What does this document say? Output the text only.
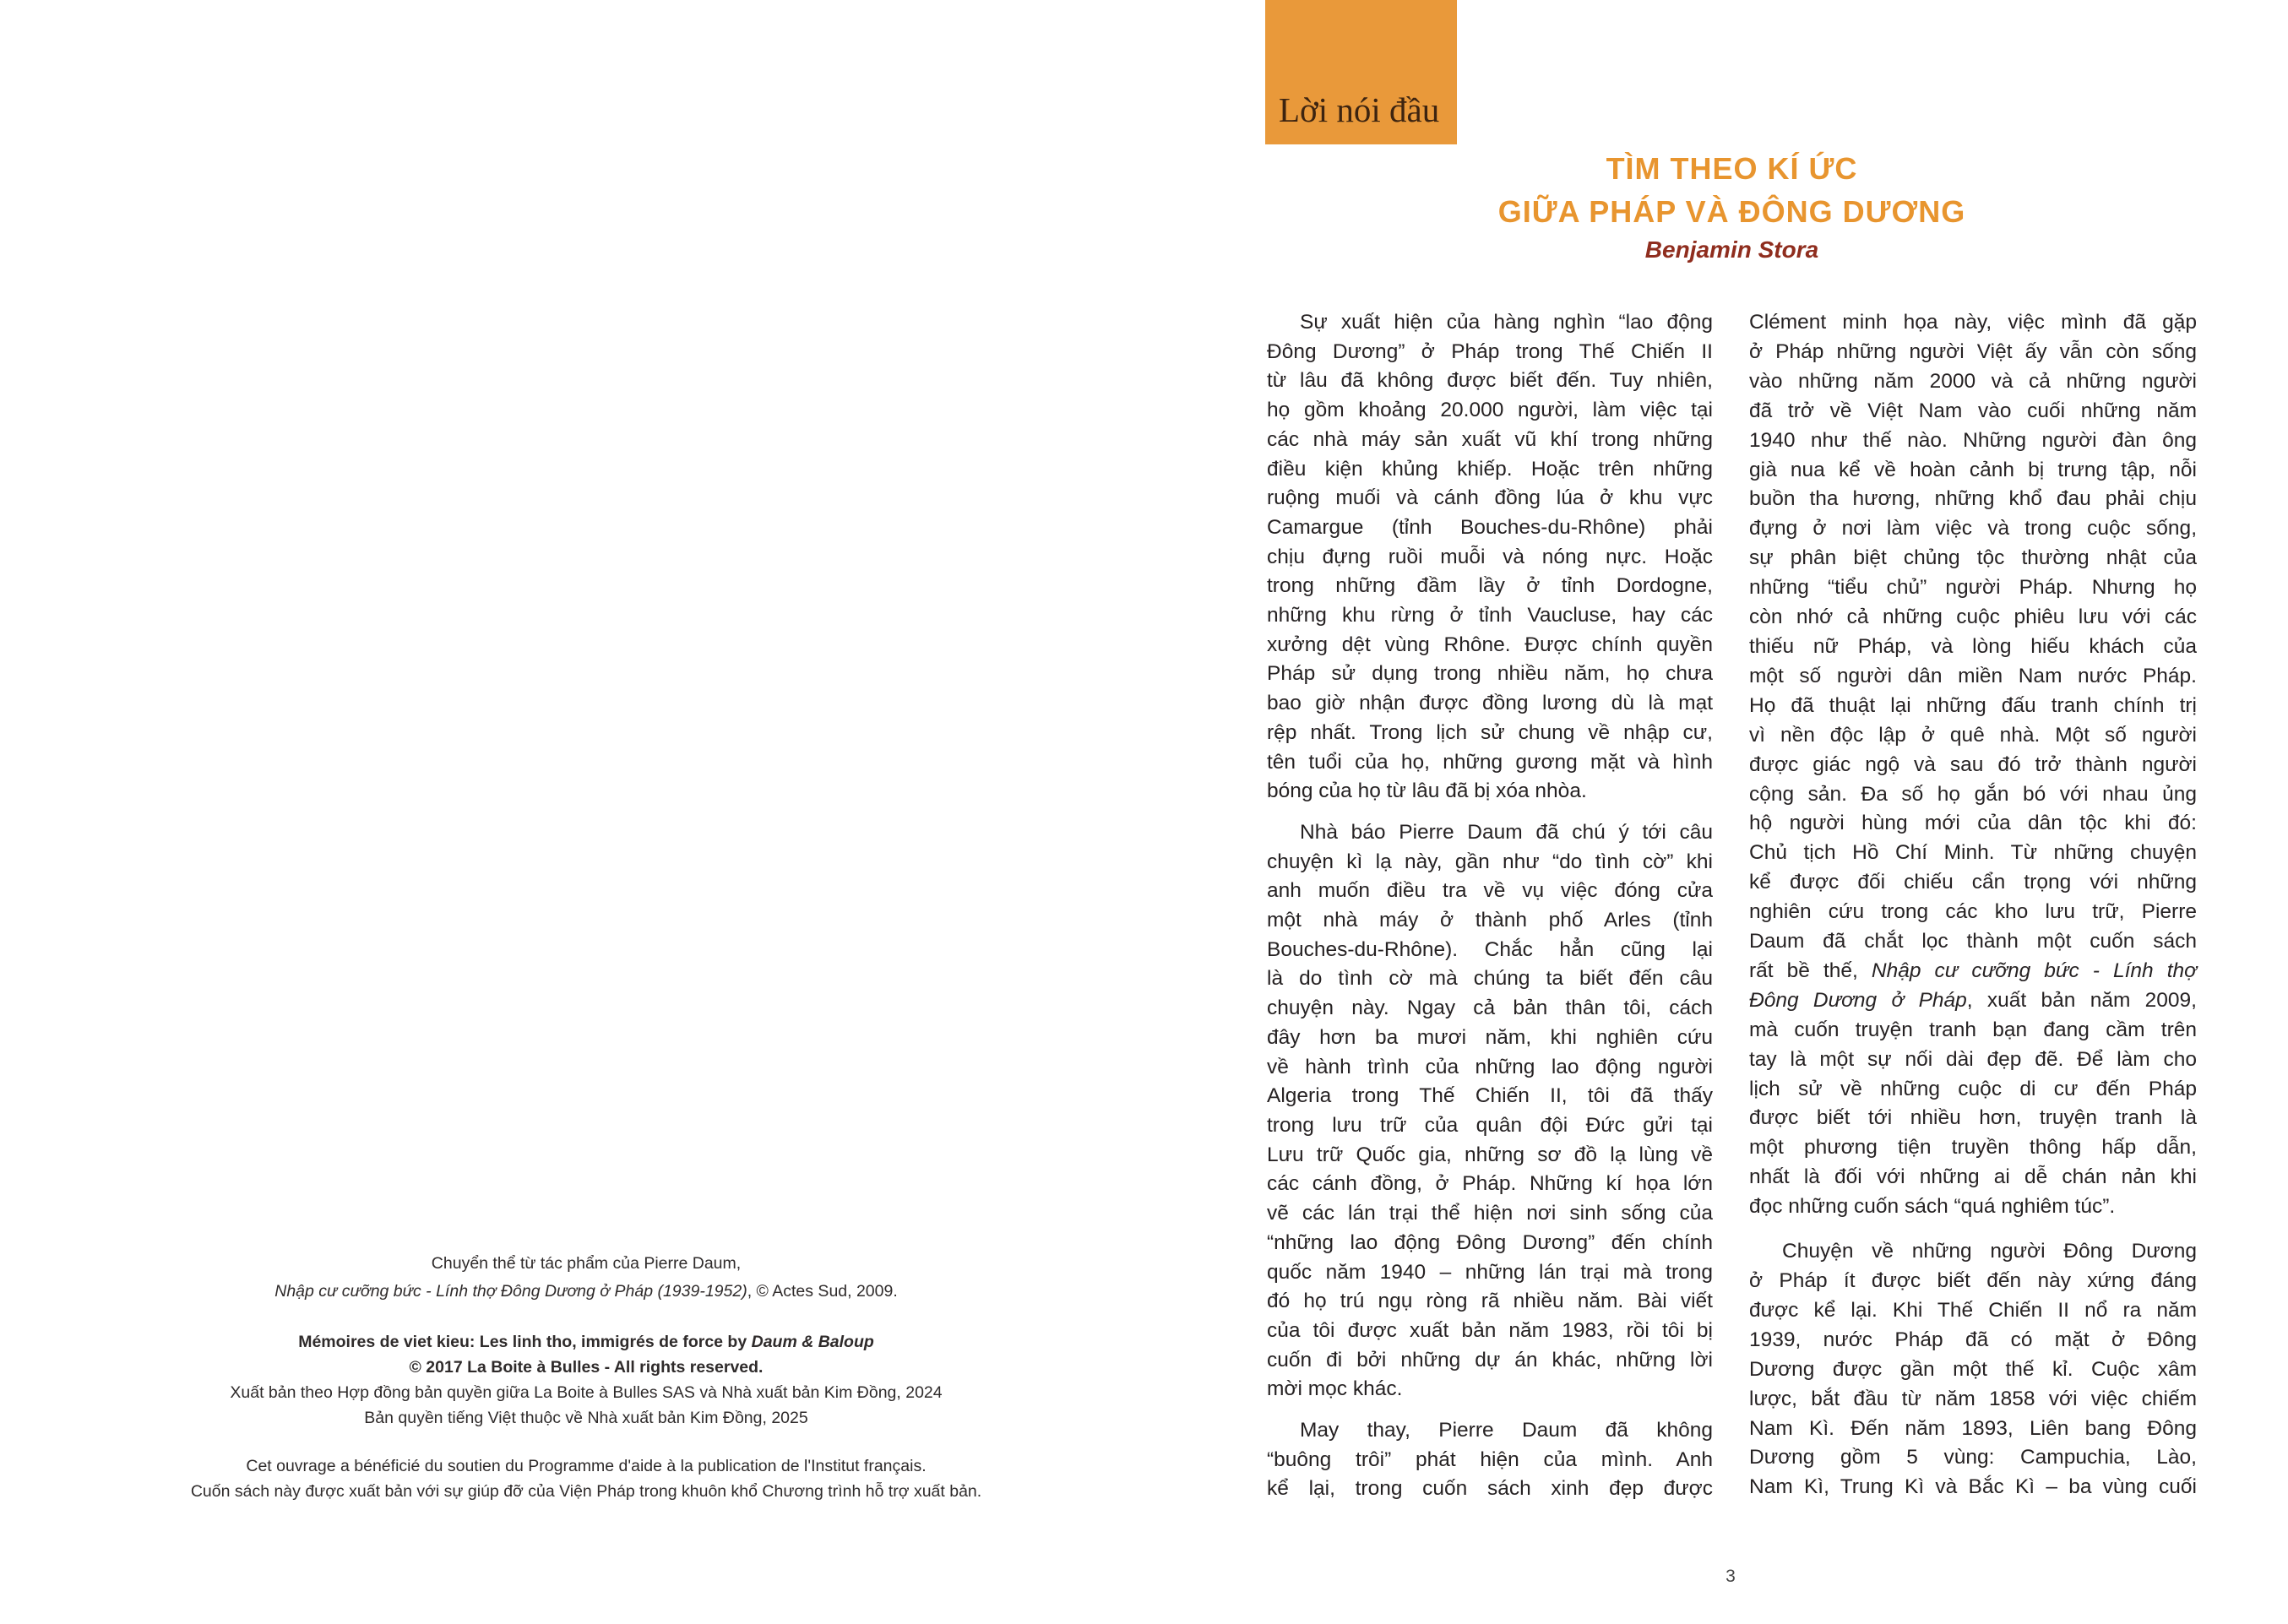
Chuyển thể từ tác phẩm của Pierre Daum,
Nhập cư cưỡng bức - Lính thợ Đông Dương ở Pháp (1939-1952), © Actes Sud, 2009.
Mémoires de viet kieu: Les linh tho, immigrés de force by Daum & Baloup
© 2017 La Boite à Bulles - All rights reserved.
Xuất bản theo Hợp đồng bản quyền giữa La Boite à Bulles SAS và Nhà xuất bản Kim Đồng, 2024
Bản quyền tiếng Việt thuộc về Nhà xuất bản Kim Đồng, 2025
Cet ouvrage a bénéficié du soutien du Programme d'aide à la publication de l'Institut français.
Cuốn sách này được xuất bản với sự giúp đỡ của Viện Pháp trong khuôn khổ Chương trình hỗ trợ xuất bản.
Lời nói đầu
TÌM THEO KÍ ỨC
GIỮA PHÁP VÀ ĐÔNG DƯƠNG
Benjamin Stora
Sự xuất hiện của hàng nghìn “lao động
Đông Dương” ở Pháp trong Thế Chiến II
từ lâu đã không được biết đến. Tuy nhiên,
họ gồm khoảng 20.000 người, làm việc tại
các nhà máy sản xuất vũ khí trong những
điều kiện khủng khiếp. Hoặc trên những
ruộng muối và cánh đồng lúa ở khu vực
Camargue (tỉnh Bouches-du-Rhône) phải
chịu đựng ruồi muỗi và nóng nực. Hoặc
trong những đầm lầy ở tỉnh Dordogne,
những khu rừng ở tỉnh Vaucluse, hay các
xưởng dệt vùng Rhône. Được chính quyền
Pháp sử dụng trong nhiều năm, họ chưa
bao giờ nhận được đồng lương dù là mạt
rệp nhất. Trong lịch sử chung về nhập cư,
tên tuổi của họ, những gương mặt và hình
bóng của họ từ lâu đã bị xóa nhòa.
Nhà báo Pierre Daum đã chú ý tới câu
chuyện kì lạ này, gần như “do tình cờ” khi
anh muốn điều tra về vụ việc đóng cửa
một nhà máy ở thành phố Arles (tỉnh
Bouches-du-Rhône). Chắc hẳn cũng lại
là do tình cờ mà chúng ta biết đến câu
chuyện này. Ngay cả bản thân tôi, cách
đây hơn ba mươi năm, khi nghiên cứu
về hành trình của những lao động người
Algeria trong Thế Chiến II, tôi đã thấy
trong lưu trữ của quân đội Đức gửi tại
Lưu trữ Quốc gia, những sơ đồ lạ lùng về
các cánh đồng, ở Pháp. Những kí họa lớn
vẽ các lán trại thể hiện nơi sinh sống của
“những lao động Đông Dương” đến chính
quốc năm 1940 – những lán trại mà trong
đó họ trú ngụ ròng rã nhiều năm. Bài viết
của tôi được xuất bản năm 1983, rồi tôi bị
cuốn đi bởi những dự án khác, những lời
mời mọc khác.
May thay, Pierre Daum đã không
“buông trôi” phát hiện của mình. Anh
kể lại, trong cuốn sách xinh đẹp được
Clément minh họa này, việc mình đã gặp
ở Pháp những người Việt ấy vẫn còn sống
vào những năm 2000 và cả những người
đã trở về Việt Nam vào cuối những năm
1940 như thế nào. Những người đàn ông
già nua kể về hoàn cảnh bị trưng tập, nỗi
buồn tha hương, những khổ đau phải chịu
đựng ở nơi làm việc và trong cuộc sống,
sự phân biệt chủng tộc thường nhật của
những “tiểu chủ” người Pháp. Nhưng họ
còn nhớ cả những cuộc phiêu lưu với các
thiếu nữ Pháp, và lòng hiếu khách của
một số người dân miền Nam nước Pháp.
Họ đã thuật lại những đấu tranh chính trị
vì nền độc lập ở quê nhà. Một số người
được giác ngộ và sau đó trở thành người
cộng sản. Đa số họ gắn bó với nhau ủng
hộ người hùng mới của dân tộc khi đó:
Chủ tịch Hồ Chí Minh. Từ những chuyện
kể được đối chiếu cẩn trọng với những
nghiên cứu trong các kho lưu trữ, Pierre
Daum đã chắt lọc thành một cuốn sách
rất bề thế, Nhập cư cưỡng bức - Lính thợ
Đông Dương ở Pháp, xuất bản năm 2009,
mà cuốn truyện tranh bạn đang cầm trên
tay là một sự nối dài đẹp đẽ. Để làm cho
lịch sử về những cuộc di cư đến Pháp
được biết tới nhiều hơn, truyện tranh là
một phương tiện truyền thông hấp dẫn,
nhất là đối với những ai dễ chán nản khi
đọc những cuốn sách “quá nghiêm túc”.
Chuyện về những người Đông Dương
ở Pháp ít được biết đến này xứng đáng
được kể lại. Khi Thế Chiến II nổ ra năm
1939, nước Pháp đã có mặt ở Đông
Dương được gần một thế kỉ. Cuộc xâm
lược, bắt đầu từ năm 1858 với việc chiếm
Nam Kì. Đến năm 1893, Liên bang Đông
Dương gồm 5 vùng: Campuchia, Lào,
Nam Kì, Trung Kì và Bắc Kì – ba vùng cuối
3
